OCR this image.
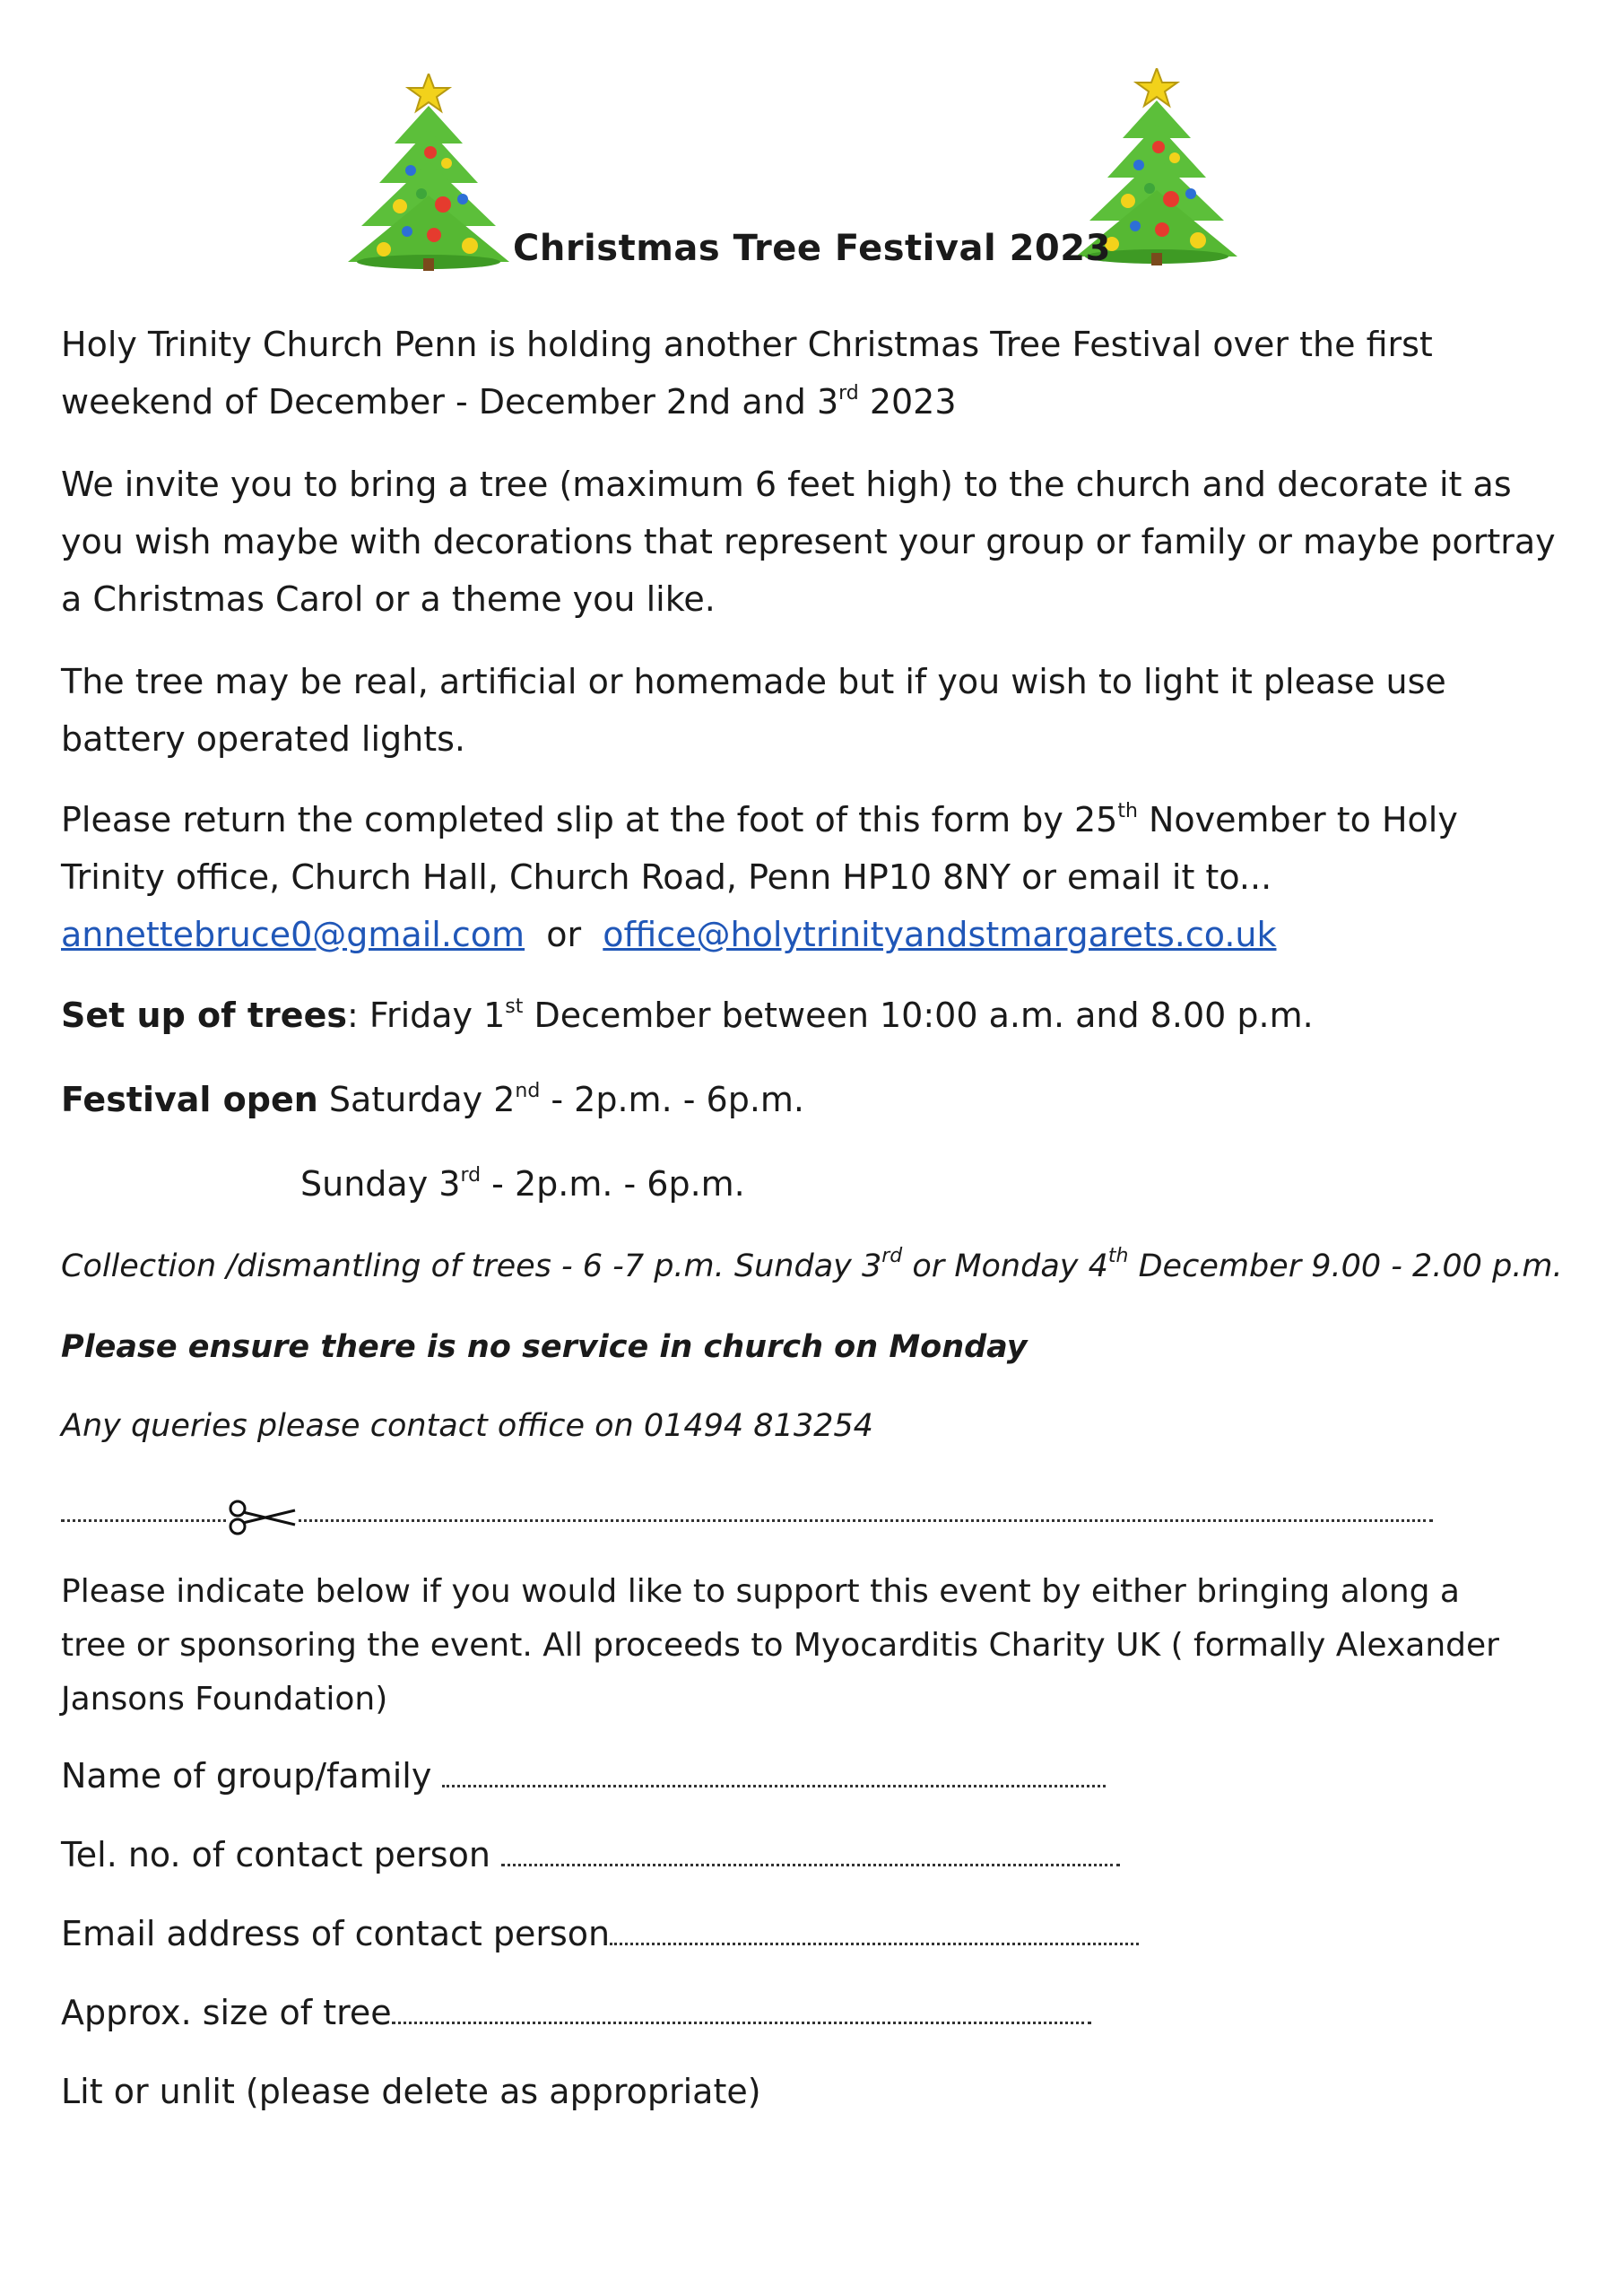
Christmas Tree Festival 2023
Holy Trinity Church Penn is holding another Christmas Tree Festival over the first
weekend of December - December 2nd and 3rd 2023
We invite you to bring a tree (maximum 6 feet high) to the church and decorate it as you wish maybe with decorations that represent your group or family or maybe portray a Christmas Carol or a theme you like.
The tree may be real, artificial or homemade but if you wish to light it please use battery operated lights.
Please return the completed slip at the foot of this form by 25th November to Holy
Trinity office, Church Hall, Church Road, Penn HP10 8NY or email it to...
annettebruce0@gmail.com or office@holytrinityandstmargarets.co.uk
Set up of trees: Friday 1st December between 10:00 a.m. and 8.00 p.m.
Festival open Saturday 2nd - 2p.m. - 6p.m.
Sunday 3rd - 2p.m. - 6p.m.
Collection /dismantling of trees - 6 -7 p.m. Sunday 3rd or Monday 4th December 9.00 - 2.00 p.m.
Please ensure there is no service in church on Monday
Any queries please contact office on 01494 813254
Please indicate below if you would like to support this event by either bringing along a tree or sponsoring the event. All proceeds to Myocarditis Charity UK ( formally Alexander Jansons Foundation)
Name of group/family
Tel. no. of contact person
Email address of contact person
Approx. size of tree
Lit or unlit (please delete as appropriate)
